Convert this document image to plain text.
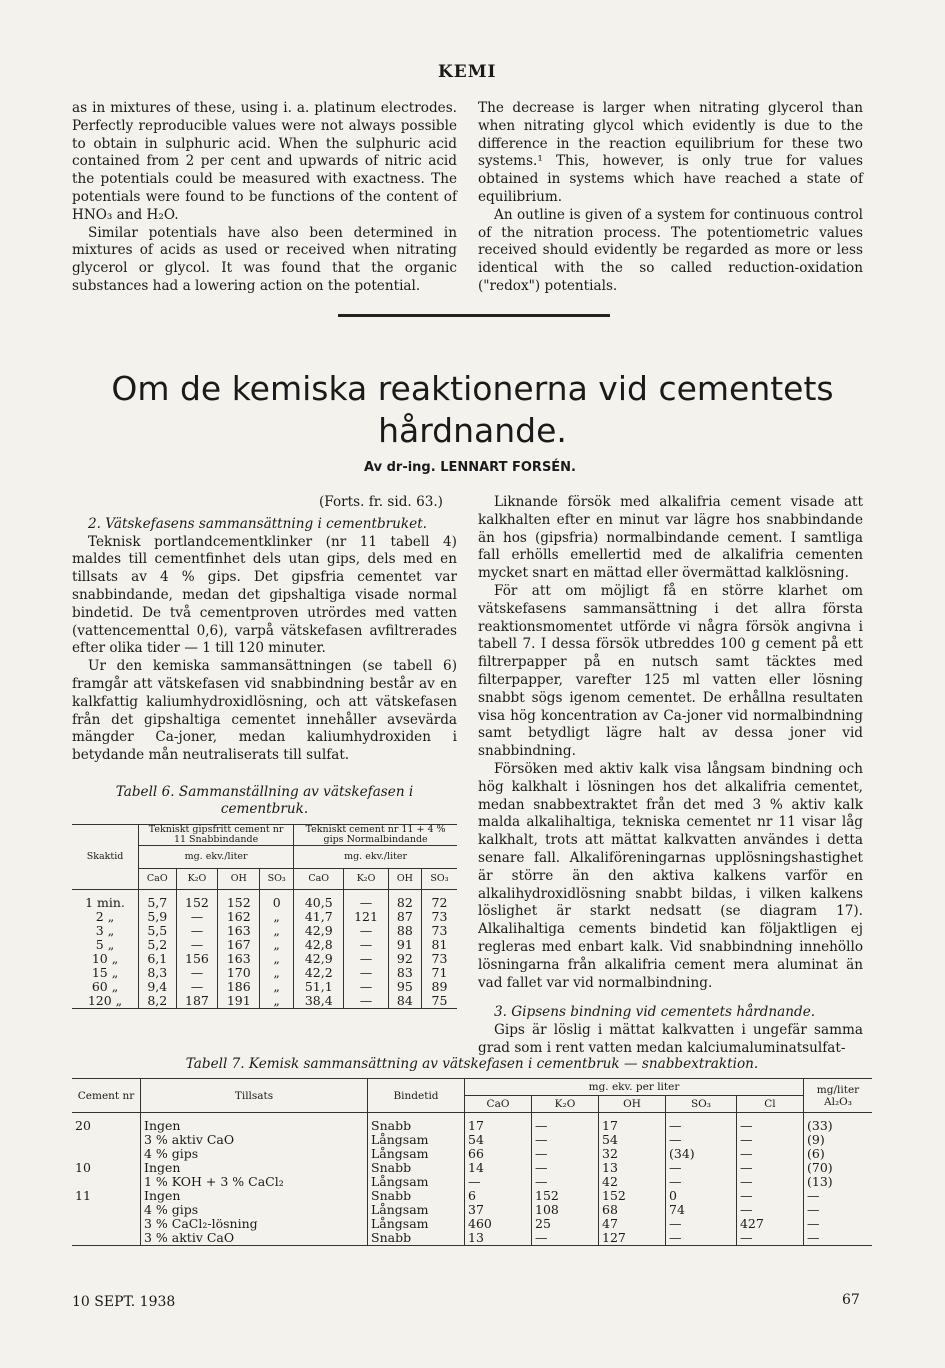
KEMI

as in mixtures of these, using i. a. platinum electrodes. Perfectly reproducible values were not always possible to obtain in sulphuric acid. When the sulphuric acid contained from 2 per cent and upwards of nitric acid the potentials could be measured with exactness. The potentials were found to be functions of the content of HNO₃ and H₂O.

Similar potentials have also been determined in mixtures of acids as used or received when nitrating glycerol or glycol. It was found that the organic substances had a lowering action on the potential.

The decrease is larger when nitrating glycerol than when nitrating glycol which evidently is due to the difference in the reaction equilibrium for these two systems.¹ This, however, is only true for values obtained in systems which have reached a state of equilibrium.

An outline is given of a system for continuous control of the nitration process. The potentiometric values received should evidently be regarded as more or less identical with the so called reduction-oxidation ("redox") potentials.

Om de kemiska reaktionerna vid cementets hårdnande.
Av dr-ing. LENNART FORSÉN.

(Forts. fr. sid. 63.)

2. Vätskefasens sammansättning i cementbruket.

Teknisk portlandcementklinker (nr 11 tabell 4) maldes till cementfinhet dels utan gips, dels med en tillsats av 4 % gips. Det gipsfria cementet var snabbindande, medan det gipshaltiga visade normal bindetid. De två cementproven utrördes med vatten (vattencementtal 0,6), varpå vätskefasen avfiltrerades efter olika tider — 1 till 120 minuter.

Ur den kemiska sammansättningen (se tabell 6) framgår att vätskefasen vid snabbindning består av en kalkfattig kaliumhydroxidlösning, och att vätskefasen från det gipshaltiga cementet innehåller avsevärda mängder Ca-joner, medan kaliumhydroxiden i betydande mån neutraliserats till sulfat.

Tabell 6. Sammanställning av vätskefasen i cementbruk.
Skaktid	Tekniskt gipsfritt cement nr 11 Snabbindande				Tekniskt cement nr 11 + 4 % gips Normalbindande			
	mg. ekv./liter				mg. ekv./liter			
	CaO	K₂O	OH	SO₃	CaO	K₂O	OH	SO₃
1 min.	5,7	152	152	0	40,5	—	82	72
2 „	5,9	—	162	„	41,7	121	87	73
3 „	5,5	—	163	„	42,9	—	88	73
5 „	5,2	—	167	„	42,8	—	91	81
10 „	6,1	156	163	„	42,9	—	92	73
15 „	8,3	—	170	„	42,2	—	83	71
60 „	9,4	—	186	„	51,1	—	95	89
120 „	8,2	187	191	„	38,4	—	84	75

Liknande försök med alkalifria cement visade att kalkhalten efter en minut var lägre hos snabbindande än hos (gipsfria) normalbindande cement. I samtliga fall erhölls emellertid med de alkalifria cementen mycket snart en mättad eller övermättad kalklösning.

För att om möjligt få en större klarhet om vätskefasens sammansättning i det allra första reaktionsmomentet utförde vi några försök angivna i tabell 7. I dessa försök utbreddes 100 g cement på ett filtrerpapper på en nutsch samt täcktes med filterpapper, varefter 125 ml vatten eller lösning snabbt sögs igenom cementet. De erhållna resultaten visa hög koncentration av Ca-joner vid normalbindning samt betydligt lägre halt av dessa joner vid snabbindning.

Försöken med aktiv kalk visa långsam bindning och hög kalkhalt i lösningen hos det alkalifria cementet, medan snabbextraktet från det med 3 % aktiv kalk malda alkalihaltiga, tekniska cementet nr 11 visar låg kalkhalt, trots att mättat kalkvatten användes i detta senare fall. Alkaliföreningarnas upplösningshastighet är större än den aktiva kalkens varför en alkalihydroxidlösning snabbt bildas, i vilken kalkens löslighet är starkt nedsatt (se diagram 17). Alkalihaltiga cements bindetid kan följaktligen ej regleras med enbart kalk. Vid snabbindning innehöllo lösningarna från alkalifria cement mera aluminat än vad fallet var vid normalbindning.

3. Gipsens bindning vid cementets hårdnande.

Gips är löslig i mättat kalkvatten i ungefär samma grad som i rent vatten medan kalciumaluminatsulfat-

Tabell 7. Kemisk sammansättning av vätskefasen i cementbruk — snabbextraktion.
Cement nr	Tillsats	Bindetid	mg. ekv. per liter					mg/liter Al₂O₃
			CaO	K₂O	OH	SO₃	Cl	
20	Ingen	Snabb	17	—	17	—	—	(33)
	3 % aktiv CaO	Långsam	54	—	54	—	—	(9)
	4 % gips	Långsam	66	—	32	(34)	—	(6)
10	Ingen	Snabb	14	—	13	—	—	(70)
	1 % KOH + 3 % CaCl₂	Långsam	—	—	42	—	—	(13)
11	Ingen	Snabb	6	152	152	0	—	—
	4 % gips	Långsam	37	108	68	74	—	—
	3 % CaCl₂-lösning	Långsam	460	25	47	—	427	—
	3 % aktiv CaO	Snabb	13	—	127	—	—	—
10 SEPT. 1938	67
